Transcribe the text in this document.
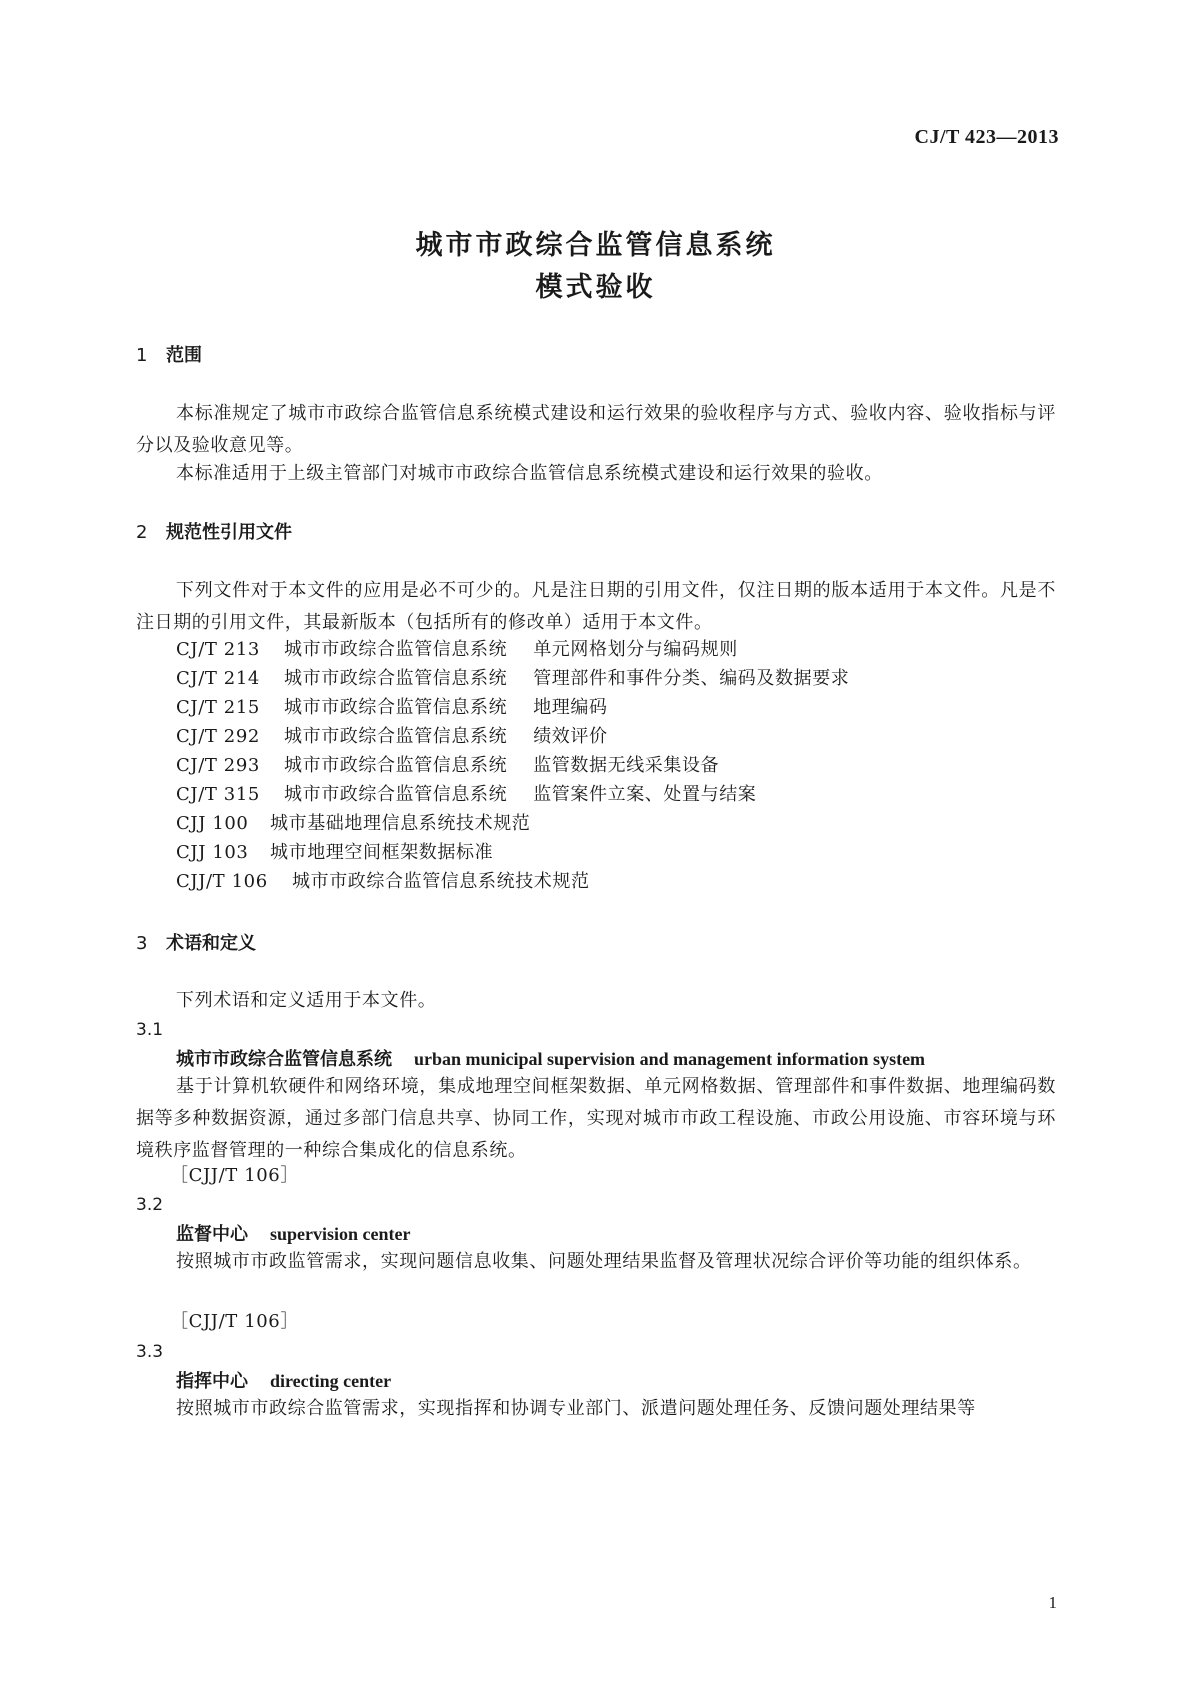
CJ/T 423—2013
城市市政综合监管信息系统
模式验收
1 范围
本标准规定了城市市政综合监管信息系统模式建设和运行效果的验收程序与方式、验收内容、验收指标与评分以及验收意见等。
本标准适用于上级主管部门对城市市政综合监管信息系统模式建设和运行效果的验收。
2 规范性引用文件
下列文件对于本文件的应用是必不可少的。凡是注日期的引用文件，仅注日期的版本适用于本文件。凡是不注日期的引用文件，其最新版本（包括所有的修改单）适用于本文件。
CJ/T 213 城市市政综合监管信息系统 单元网格划分与编码规则
CJ/T 214 城市市政综合监管信息系统 管理部件和事件分类、编码及数据要求
CJ/T 215 城市市政综合监管信息系统 地理编码
CJ/T 292 城市市政综合监管信息系统 绩效评价
CJ/T 293 城市市政综合监管信息系统 监管数据无线采集设备
CJ/T 315 城市市政综合监管信息系统 监管案件立案、处置与结案
CJJ 100 城市基础地理信息系统技术规范
CJJ 103 城市地理空间框架数据标准
CJJ/T 106 城市市政综合监管信息系统技术规范
3 术语和定义
下列术语和定义适用于本文件。
3.1
城市市政综合监管信息系统 urban municipal supervision and management information system
基于计算机软硬件和网络环境，集成地理空间框架数据、单元网格数据、管理部件和事件数据、地理编码数据等多种数据资源，通过多部门信息共享、协同工作，实现对城市市政工程设施、市政公用设施、市容环境与环境秩序监督管理的一种综合集成化的信息系统。
［CJJ/T 106］
3.2
监督中心 supervision center
按照城市市政监管需求，实现问题信息收集、问题处理结果监督及管理状况综合评价等功能的组织体系。
［CJJ/T 106］
3.3
指挥中心 directing center
按照城市市政综合监管需求，实现指挥和协调专业部门、派遣问题处理任务、反馈问题处理结果等
1
